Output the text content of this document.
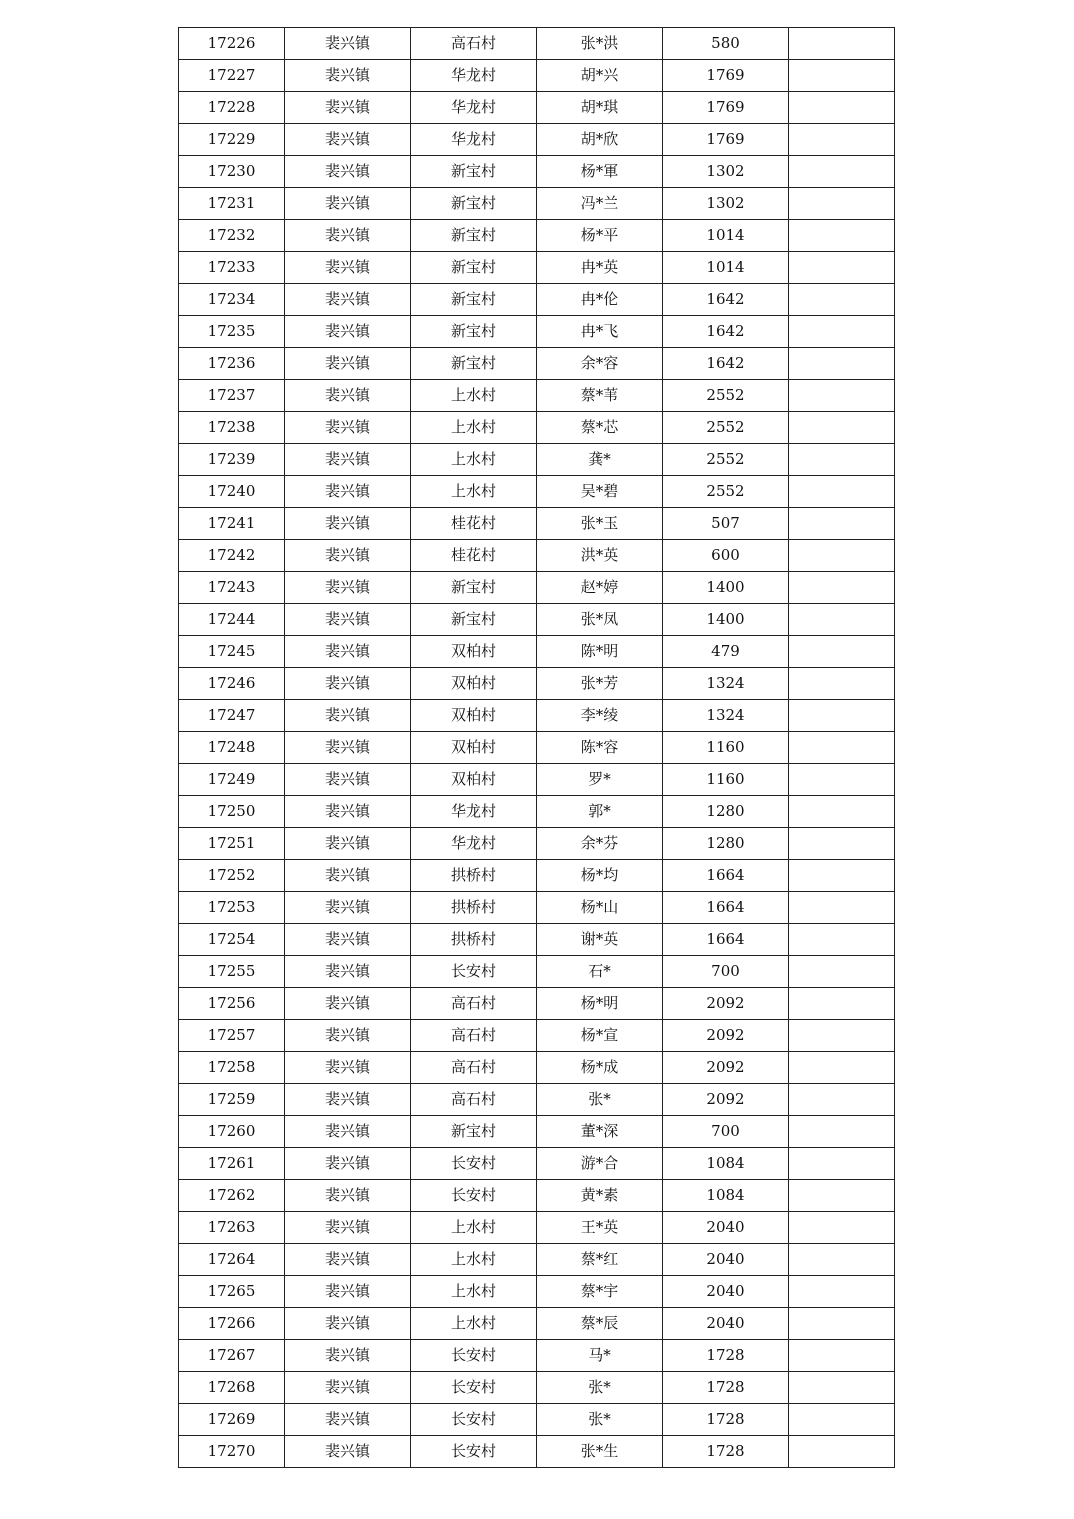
17226	裴兴镇	高石村	张*洪	580	
17227	裴兴镇	华龙村	胡*兴	1769	
17228	裴兴镇	华龙村	胡*琪	1769	
17229	裴兴镇	华龙村	胡*欣	1769	
17230	裴兴镇	新宝村	杨*軍	1302	
17231	裴兴镇	新宝村	冯*兰	1302	
17232	裴兴镇	新宝村	杨*平	1014	
17233	裴兴镇	新宝村	冉*英	1014	
17234	裴兴镇	新宝村	冉*伦	1642	
17235	裴兴镇	新宝村	冉*飞	1642	
17236	裴兴镇	新宝村	余*容	1642	
17237	裴兴镇	上水村	蔡*苇	2552	
17238	裴兴镇	上水村	蔡*芯	2552	
17239	裴兴镇	上水村	龚*	2552	
17240	裴兴镇	上水村	吴*碧	2552	
17241	裴兴镇	桂花村	张*玉	507	
17242	裴兴镇	桂花村	洪*英	600	
17243	裴兴镇	新宝村	赵*婷	1400	
17244	裴兴镇	新宝村	张*凤	1400	
17245	裴兴镇	双柏村	陈*明	479	
17246	裴兴镇	双柏村	张*芳	1324	
17247	裴兴镇	双柏村	李*绫	1324	
17248	裴兴镇	双柏村	陈*容	1160	
17249	裴兴镇	双柏村	罗*	1160	
17250	裴兴镇	华龙村	郭*	1280	
17251	裴兴镇	华龙村	余*芬	1280	
17252	裴兴镇	拱桥村	杨*均	1664	
17253	裴兴镇	拱桥村	杨*山	1664	
17254	裴兴镇	拱桥村	谢*英	1664	
17255	裴兴镇	长安村	石*	700	
17256	裴兴镇	高石村	杨*明	2092	
17257	裴兴镇	高石村	杨*宣	2092	
17258	裴兴镇	高石村	杨*成	2092	
17259	裴兴镇	高石村	张*	2092	
17260	裴兴镇	新宝村	董*深	700	
17261	裴兴镇	长安村	游*合	1084	
17262	裴兴镇	长安村	黄*素	1084	
17263	裴兴镇	上水村	王*英	2040	
17264	裴兴镇	上水村	蔡*红	2040	
17265	裴兴镇	上水村	蔡*宇	2040	
17266	裴兴镇	上水村	蔡*辰	2040	
17267	裴兴镇	长安村	马*	1728	
17268	裴兴镇	长安村	张*	1728	
17269	裴兴镇	长安村	张*	1728	
17270	裴兴镇	长安村	张*生	1728	
